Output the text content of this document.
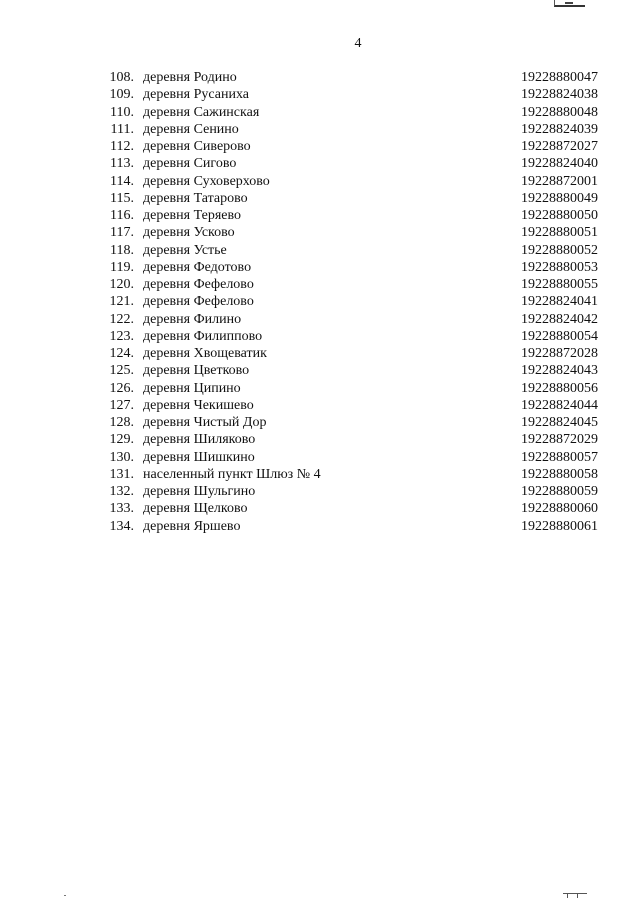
4
108. деревня Родино	19228880047
109. деревня Русаниха	19228824038
110. деревня Сажинская	19228880048
111. деревня Сенино	19228824039
112. деревня Сиверово	19228872027
113. деревня Сигово	19228824040
114. деревня Суховерхово	19228872001
115. деревня Татарово	19228880049
116. деревня Теряево	19228880050
117. деревня Усково	19228880051
118. деревня Устье	19228880052
119. деревня Федотово	19228880053
120. деревня Фефелово	19228880055
121. деревня Фефелово	19228824041
122. деревня Филино	19228824042
123. деревня Филиппово	19228880054
124. деревня Хвощеватик	19228872028
125. деревня Цветково	19228824043
126. деревня Ципино	19228880056
127. деревня Чекишево	19228824044
128. деревня Чистый Дор	19228824045
129. деревня Шиляково	19228872029
130. деревня Шишкино	19228880057
131. населенный пункт Шлюз № 4	19228880058
132. деревня Шульгино	19228880059
133. деревня Щелково	19228880060
134. деревня Яршево	19228880061
